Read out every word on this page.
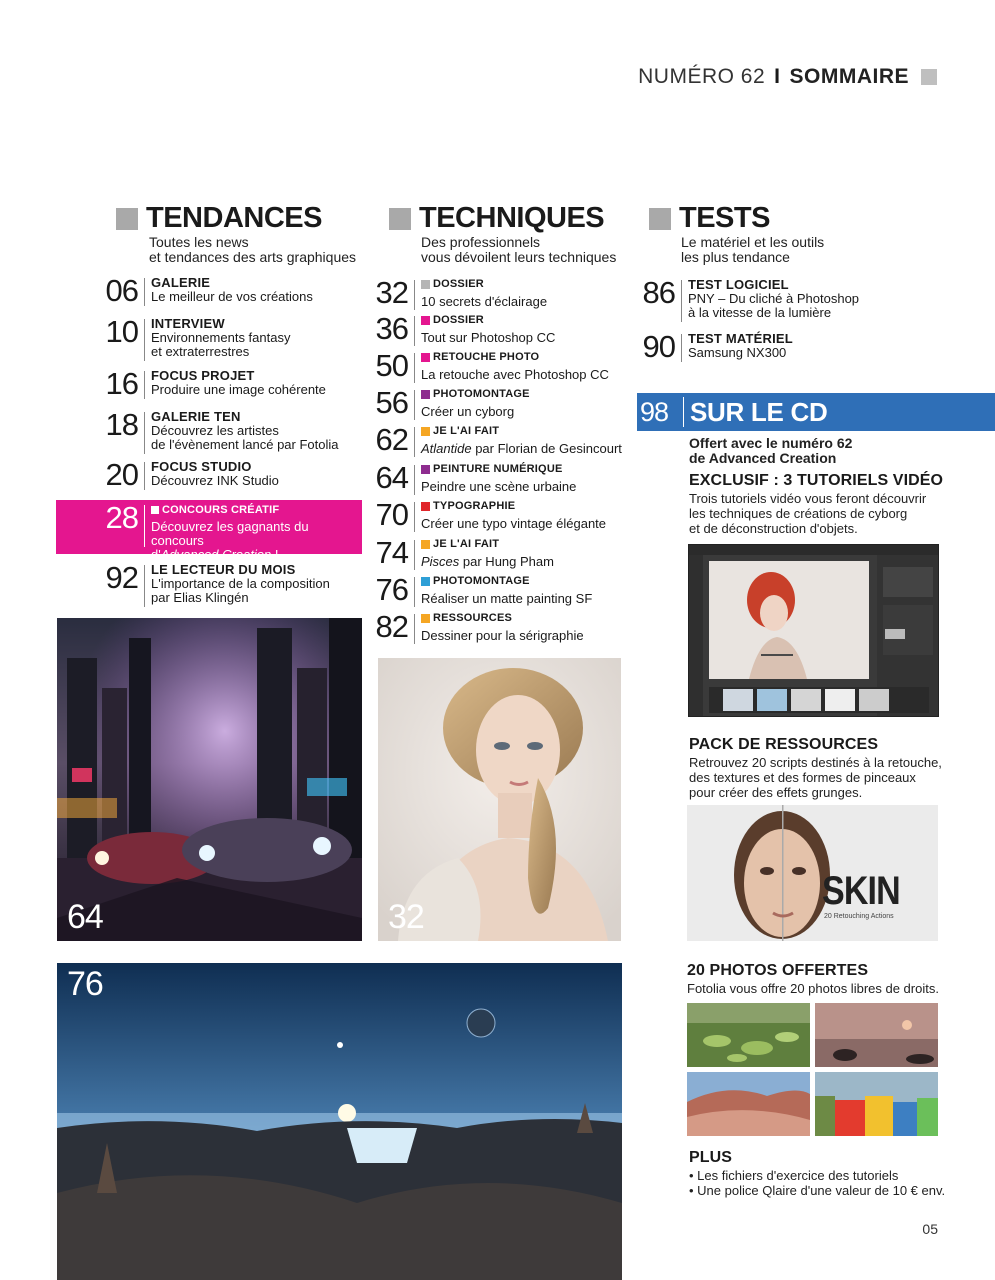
NUMÉRO 62 I SOMMAIRE
TENDANCES
Toutes les news
et tendances des arts graphiques
06 GALERIE
Le meilleur de vos créations
10 INTERVIEW
Environnements fantasy
et extraterrestres
16 FOCUS PROJET
Produire une image cohérente
18 GALERIE TEN
Découvrez les artistes
de l'évènement lancé par Fotolia
20 FOCUS STUDIO
Découvrez INK Studio
28 CONCOURS CRÉATIF
Découvrez les gagnants du concours
d'Advanced Creation !
92 LE LECTEUR DU MOIS
L'importance de la composition
par Elias Klingén
64
TECHNIQUES
Des professionnels
vous dévoilent leurs techniques
32 DOSSIER
10 secrets d'éclairage
36 DOSSIER
Tout sur Photoshop CC
50 RETOUCHE PHOTO
La retouche avec Photoshop CC
56 PHOTOMONTAGE
Créer un cyborg
62 JE L'AI FAIT
Atlantide par Florian de Gesincourt
64 PEINTURE NUMÉRIQUE
Peindre une scène urbaine
70 TYPOGRAPHIE
Créer une typo vintage élégante
74 JE L'AI FAIT
Pisces par Hung Pham
76 PHOTOMONTAGE
Réaliser un matte painting SF
82 RESSOURCES
Dessiner pour la sérigraphie
32
TESTS
Le matériel et les outils
les plus tendance
86 TEST LOGICIEL
PNY – Du cliché à Photoshop
à la vitesse de la lumière
90 TEST MATÉRIEL
Samsung NX300
98 SUR LE CD
Offert avec le numéro 62
de Advanced Creation
EXCLUSIF : 3 TUTORIELS VIDÉO
Trois tutoriels vidéo vous feront découvrir
les techniques de créations de cyborg
et de déconstruction d'objets.
PACK DE RESSOURCES
Retrouvez 20 scripts destinés à la retouche,
des textures et des formes de pinceaux
pour créer des effets grunges.
SKIN
20 Retouching Actions
20 PHOTOS OFFERTES
Fotolia vous offre 20 photos libres de droits.
PLUS
• Les fichiers d'exercice des tutoriels
• Une police Qlaire d'une valeur de 10 € env.
76
05
